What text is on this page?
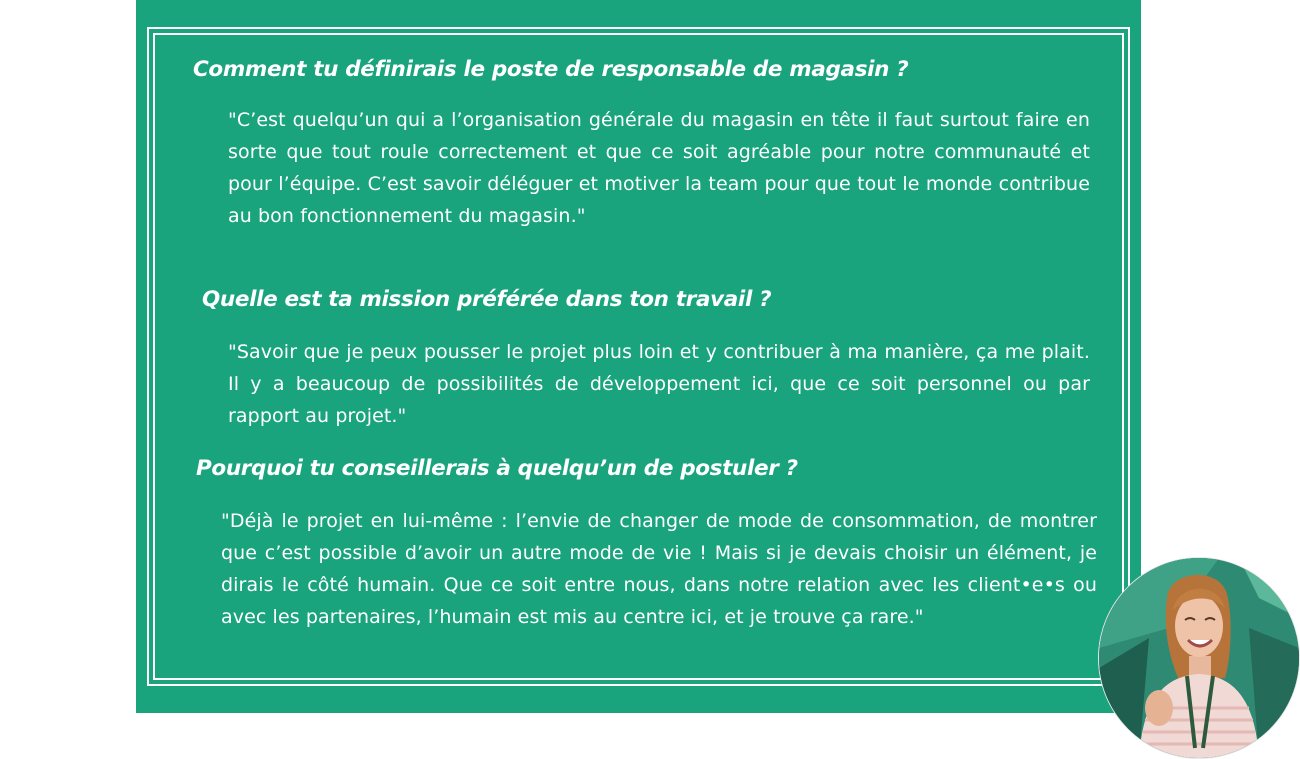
Comment tu définirais le poste de responsable de magasin ?

"C’est quelqu’un qui a l’organisation générale du magasin en tête il faut surtout faire en sorte que tout roule correctement et que ce soit agréable pour notre communauté et pour l’équipe. C’est savoir déléguer et motiver la team pour que tout le monde contribue au bon fonctionnement du magasin."

Quelle est ta mission préférée dans ton travail ?

"Savoir que je peux pousser le projet plus loin et y contribuer à ma manière, ça me plait. Il y a beaucoup de possibilités de développement ici, que ce soit personnel ou par rapport au projet."

Pourquoi tu conseillerais à quelqu’un de postuler ?

"Déjà le projet en lui-même : l’envie de changer de mode de consommation, de montrer que c’est possible d’avoir un autre mode de vie ! Mais si je devais choisir un élément, je dirais le côté humain. Que ce soit entre nous, dans notre relation avec les client•e•s ou avec les partenaires, l’humain est mis au centre ici, et je trouve ça rare."
